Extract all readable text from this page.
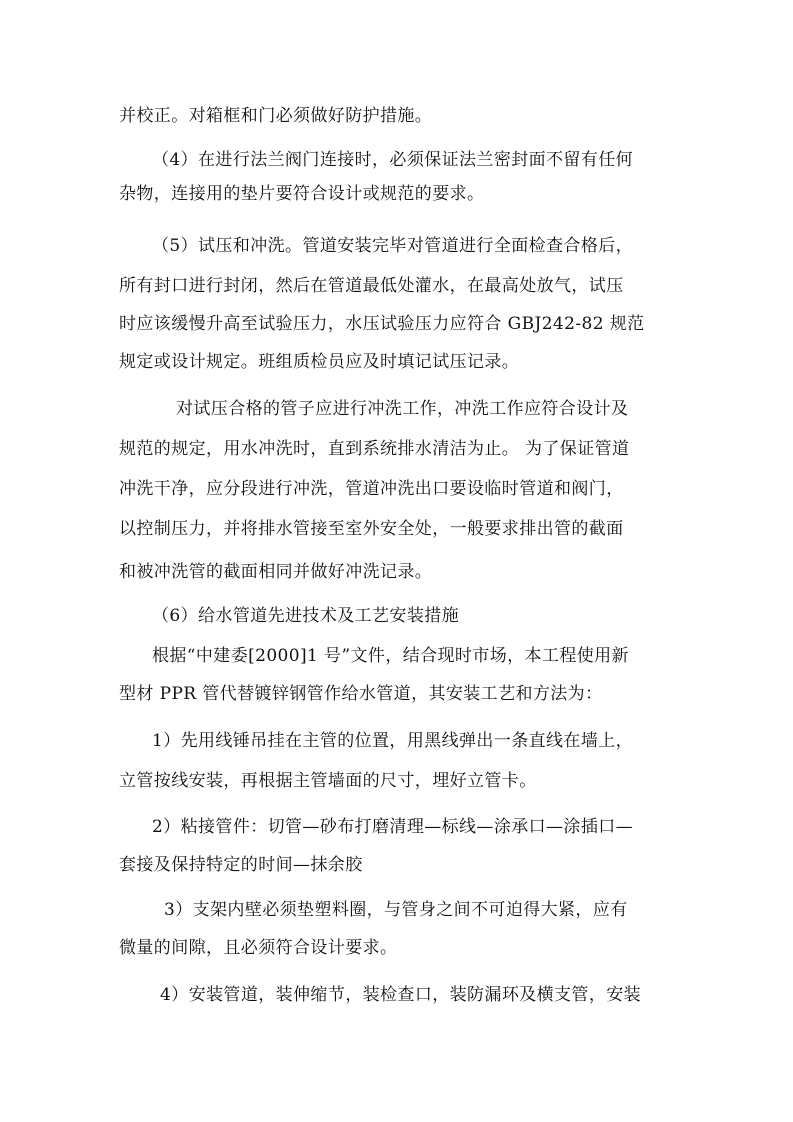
并校正。对箱框和门必须做好防护措施。
（4）在进行法兰阀门连接时，必须保证法兰密封面不留有任何
杂物，连接用的垫片要符合设计或规范的要求。
（5）试压和冲洗。管道安装完毕对管道进行全面检查合格后，
所有封口进行封闭，然后在管道最低处灌水，在最高处放气，试压
时应该缓慢升高至试验压力，水压试验压力应符合 GBJ242-82 规范
规定或设计规定。班组质检员应及时填记试压记录。
对试压合格的管子应进行冲洗工作，冲洗工作应符合设计及
规范的规定，用水冲洗时，直到系统排水清洁为止。 为了保证管道
冲洗干净，应分段进行冲洗，管道冲洗出口要设临时管道和阀门，
以控制压力，并将排水管接至室外安全处，一般要求排出管的截面
和被冲洗管的截面相同并做好冲洗记录。
（6）给水管道先进技术及工艺安装措施
根据“中建委[2000]1 号”文件，结合现时市场，本工程使用新
型材 PPR 管代替镀锌钢管作给水管道，其安装工艺和方法为：
1）先用线锤吊挂在主管的位置，用黑线弹出一条直线在墙上，
立管按线安装，再根据主管墙面的尺寸，埋好立管卡。
2）粘接管件：切管—砂布打磨清理—标线—涂承口—涂插口—
套接及保持特定的时间—抹余胶
3）支架内壁必须垫塑料圈，与管身之间不可迫得大紧，应有
微量的间隙，且必须符合设计要求。
4）安装管道，装伸缩节，装检查口，装防漏环及横支管，安装
